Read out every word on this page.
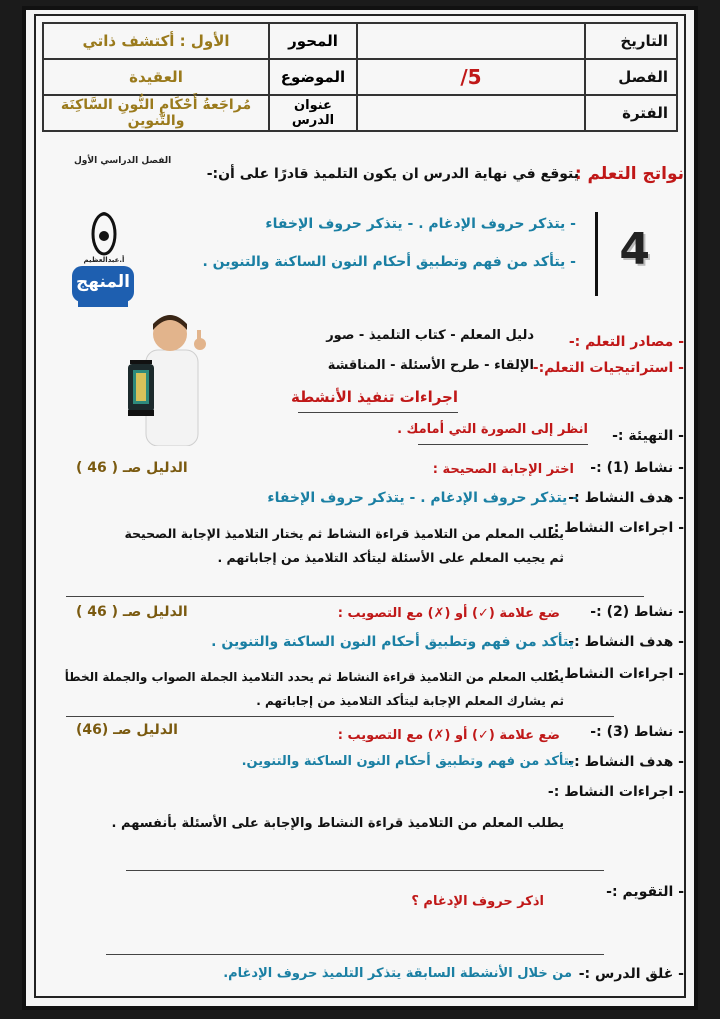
التاريخ		المحور	الأول : أكتشف ذاتي
الفصل	/5	الموضوع	العقيدة
الفترة		عنوان الدرس	مُراجَعةُ أَحْكَامِ النُّونِ السَّاكِنَة والتَّنوين
الفصل الدراسي الأول
نواتج التعلم :
يتوقع في نهاية الدرس ان يكون التلميذ قادرًا على أن:-
4
- يتذكر حروف الإدغام . - يتذكر حروف الإخفاء
- يتأكد من فهم وتطبيق أحكام النون الساكنة والتنوين .
أ.عبدالعظيم
المنهج
- مصادر التعلم :-
دليل المعلم - كتاب التلميذ - صور
- استراتيجيات التعلم:-
الإلقاء - طرح الأسئلة - المناقشة
اجراءات تنفيذ الأنشطة
- التهيئة :-
انظر إلى الصورة التي أمامك .
- نشاط (1) :-
اختر الإجابة الصحيحة :
الدليل صـ ( 46 )
- هدف النشاط :-
- يتذكر حروف الإدغام . - يتذكر حروف الإخفاء
- اجراءات النشاط :-
يطلب المعلم من التلاميذ قراءة النشاط ثم يختار التلاميذ الإجابة الصحيحة
ثم يجيب المعلم على الأسئلة ليتأكد التلاميذ من إجاباتهم .
- نشاط (2) :-
ضع علامة (✓) أو (✗) مع التصويب :
الدليل صـ ( 46 )
- هدف النشاط :-
يتأكد من فهم وتطبيق أحكام النون الساكنة والتنوين .
- اجراءات النشاط :-
يطلب المعلم من التلاميذ قراءة النشاط ثم يحدد التلاميذ الجملة الصواب والجملة الخطأ
ثم يشارك المعلم الإجابة ليتأكد التلاميذ من إجاباتهم .
- نشاط (3) :-
ضع علامة (✓) أو (✗) مع التصويب :
الدليل صـ (46)
- هدف النشاط :-
يتأكد من فهم وتطبيق أحكام النون الساكنة والتنوين.
- اجراءات النشاط :-
يطلب المعلم من التلاميذ قراءة النشاط والإجابة على الأسئلة بأنفسهم .
- التقويم :-
اذكر حروف الإدغام ؟
- غلق الدرس :-
من خلال الأنشطة السابقة يتذكر التلميذ حروف الإدغام.
